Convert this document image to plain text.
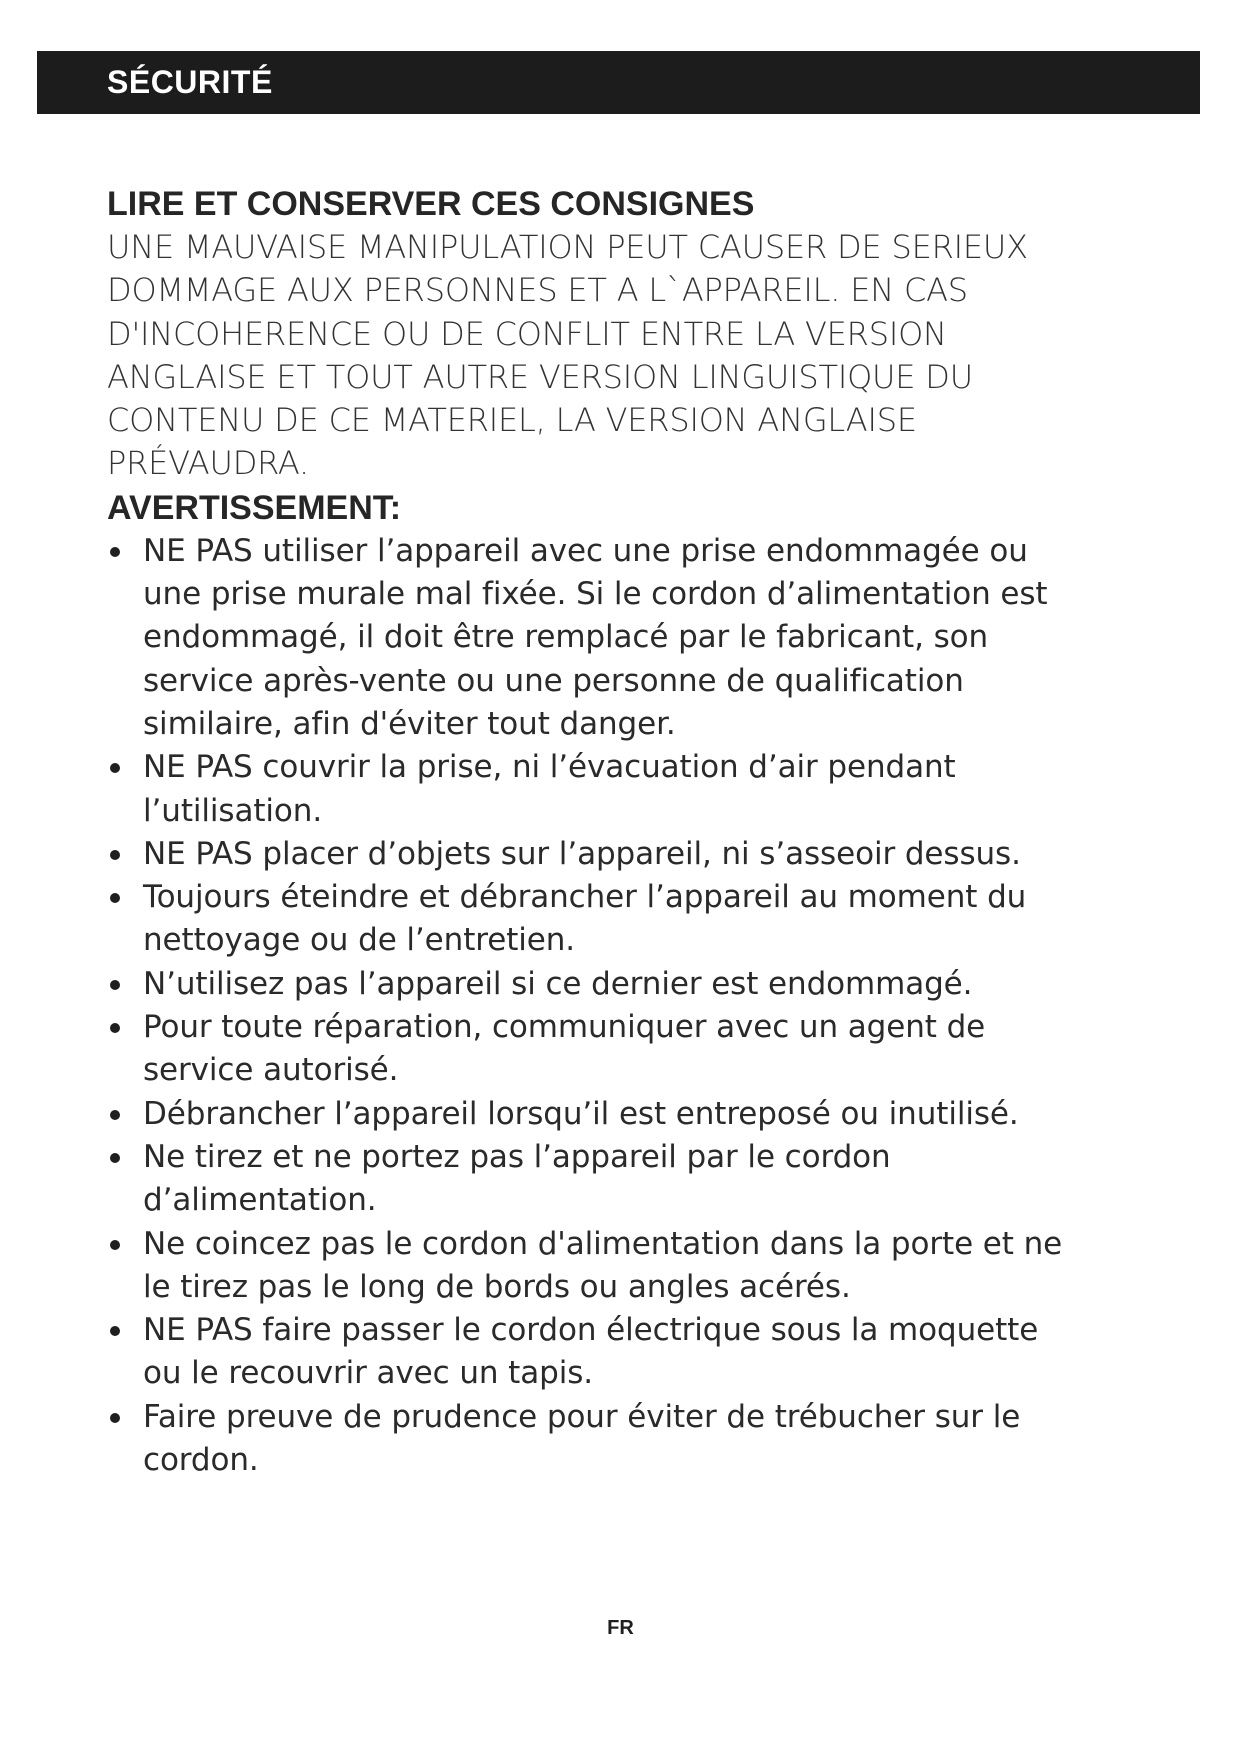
SÉCURITÉ

LIRE ET CONSERVER CES CONSIGNES

UNE MAUVAISE MANIPULATION PEUT CAUSER DE SERIEUX
DOMMAGE AUX PERSONNES ET A L`APPAREIL. EN CAS
D'INCOHERENCE OU DE CONFLIT ENTRE LA VERSION
ANGLAISE ET TOUT AUTRE VERSION LINGUISTIQUE DU
CONTENU DE CE MATERIEL, LA VERSION ANGLAISE
PRÉVAUDRA.

AVERTISSEMENT:

NE PAS utiliser l’appareil avec une prise endommagée ou
une prise murale mal fixée. Si le cordon d’alimentation est
endommagé, il doit être remplacé par le fabricant, son
service après-vente ou une personne de qualification
similaire, afin d'éviter tout danger.
NE PAS couvrir la prise, ni l’évacuation d’air pendant
l’utilisation.
NE PAS placer d’objets sur l’appareil, ni s’asseoir dessus.
Toujours éteindre et débrancher l’appareil au moment du
nettoyage ou de l’entretien.
N’utilisez pas l’appareil si ce dernier est endommagé.
Pour toute réparation, communiquer avec un agent de
service autorisé.
Débrancher l’appareil lorsqu’il est entreposé ou inutilisé.
Ne tirez et ne portez pas l’appareil par le cordon
d’alimentation.
Ne coincez pas le cordon d'alimentation dans la porte et ne
le tirez pas le long de bords ou angles acérés.
NE PAS faire passer le cordon électrique sous la moquette
ou le recouvrir avec un tapis.
Faire preuve de prudence pour éviter de trébucher sur le
cordon.
FR
